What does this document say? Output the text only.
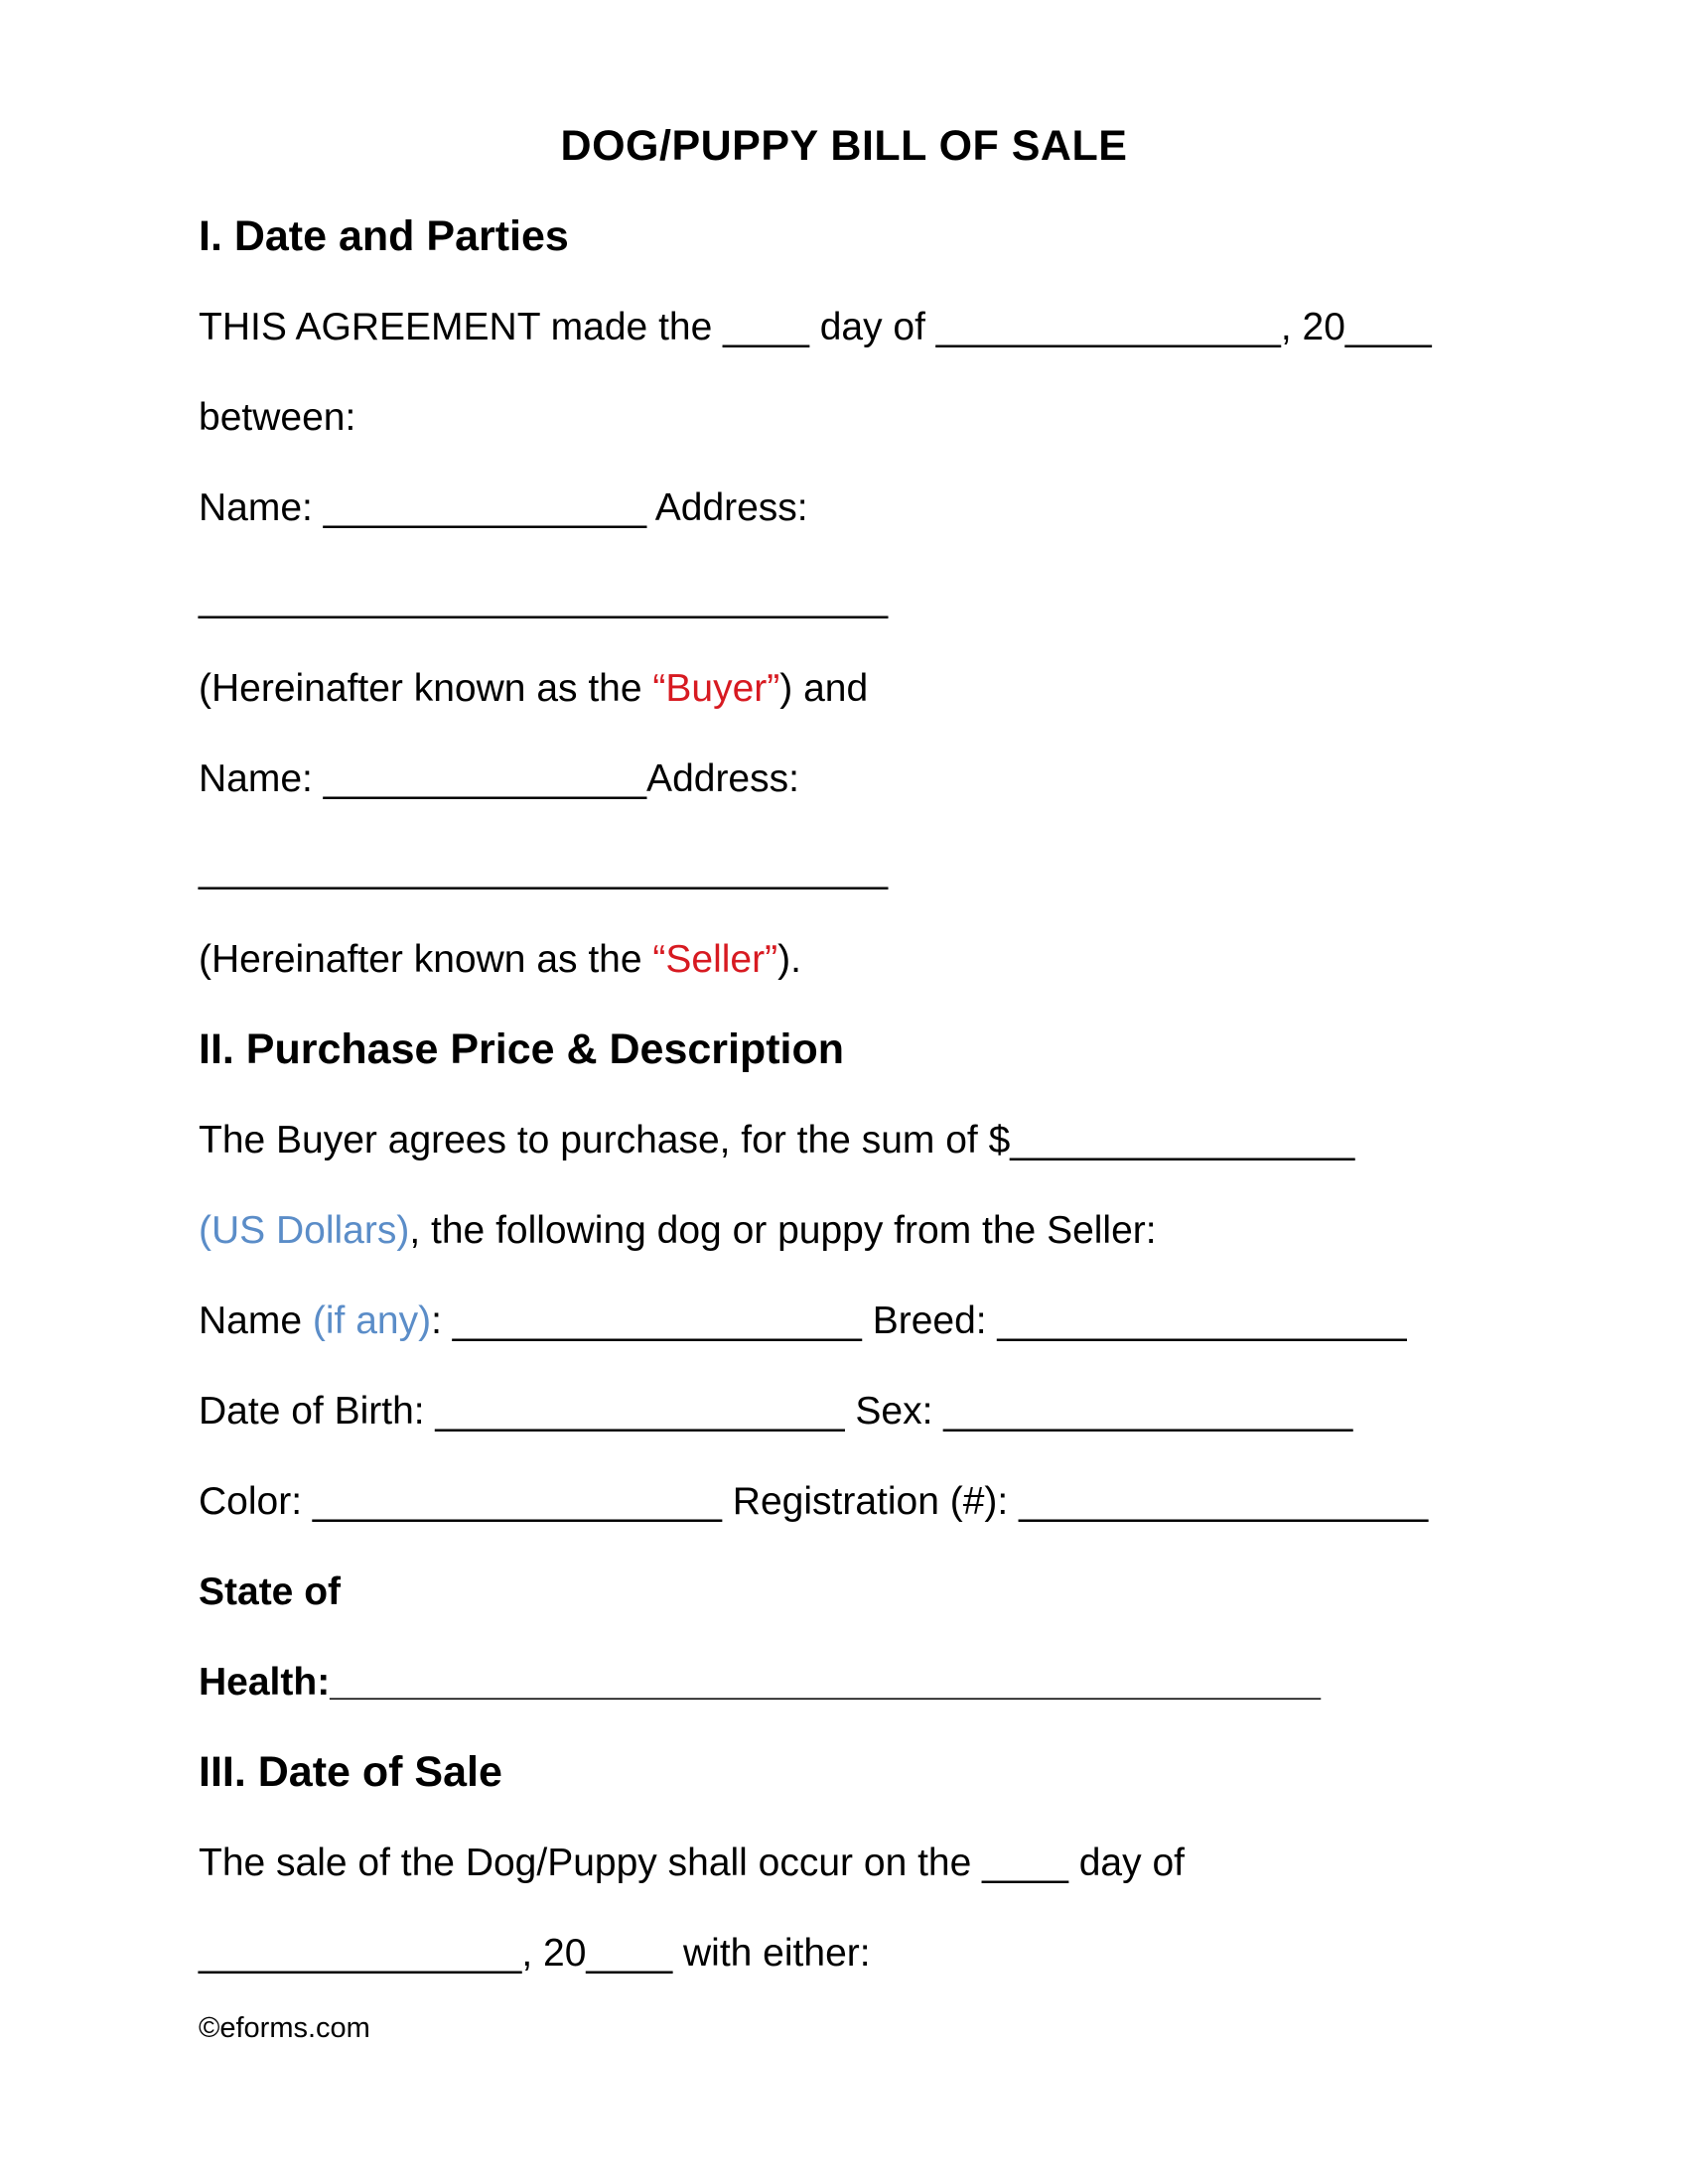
DOG/PUPPY BILL OF SALE
I. Date and Parties
THIS AGREEMENT made the ____ day of ________________, 20____
between:
Name: _______________ Address:
________________________________
(Hereinafter known as the “Buyer”) and
Name: _______________Address:
________________________________
(Hereinafter known as the “Seller”).
II. Purchase Price & Description
The Buyer agrees to purchase, for the sum of $________________
(US Dollars), the following dog or puppy from the Seller:
Name (if any): ___________________ Breed: ___________________
Date of Birth: ___________________ Sex: ___________________
Color: ___________________ Registration (#): ___________________
State of
Health:______________________________________________
III. Date of Sale
The sale of the Dog/Puppy shall occur on the ____ day of
_______________, 20____ with either:
©eforms.com
